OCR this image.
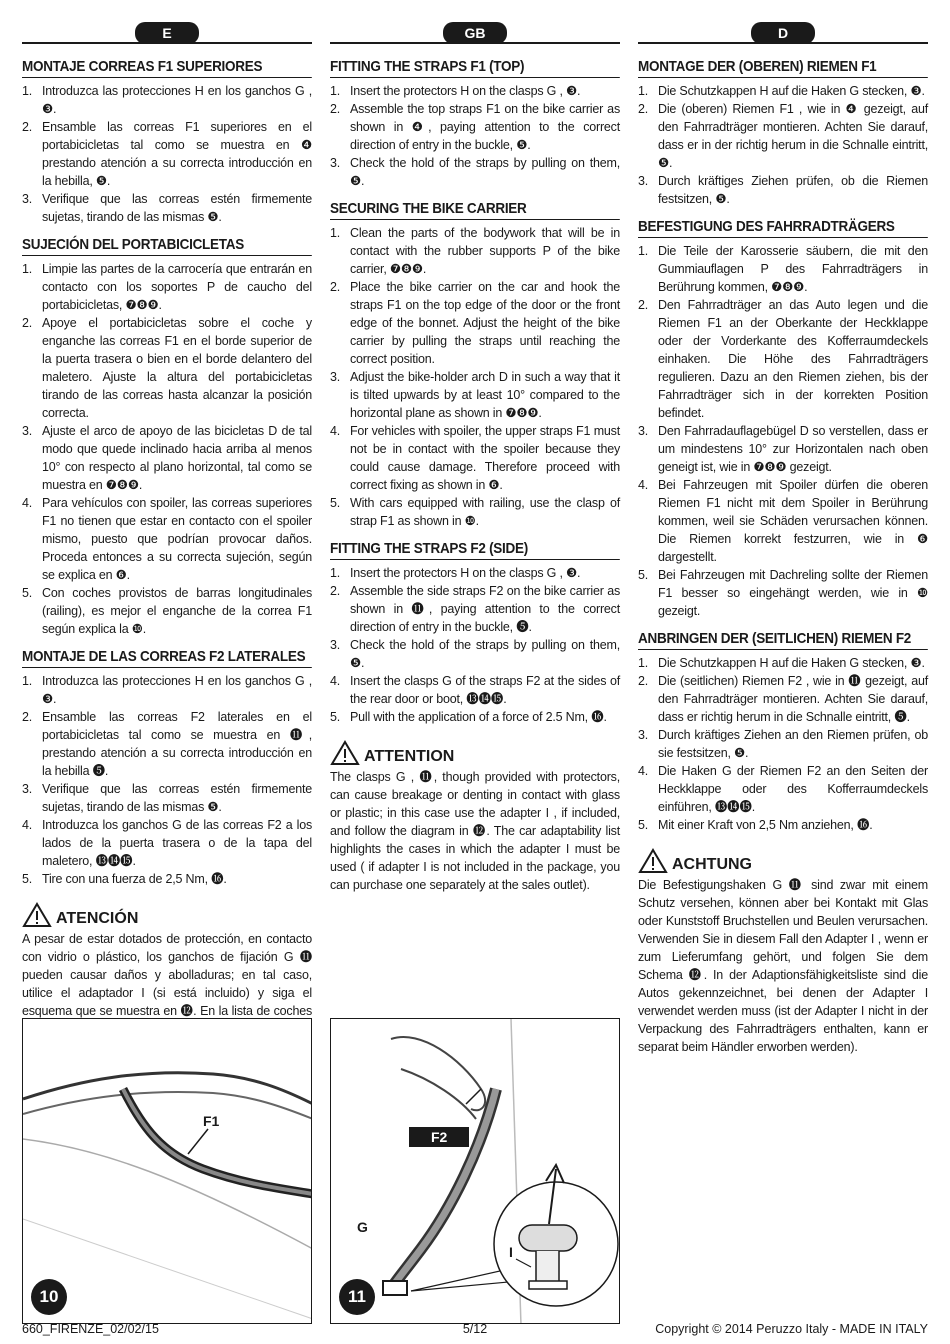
E
MONTAJE CORREAS F1 SUPERIORES
1. Introduzca las protecciones H en los ganchos G , ❸.
2. Ensamble las correas F1 superiores en el portabicicletas tal como se muestra en ❹ prestando atención a su correcta introducción en la hebilla, ❺.
3. Verifique que las correas estén firmemente sujetas, tirando de las mismas ❺.
SUJECIÓN DEL PORTABICICLETAS
1. Limpie las partes de la carrocería que entrarán en contacto con los soportes P de caucho del portabicicletas, ❼❽❾.
2. Apoye el portabicicletas sobre el coche y enganche las correas F1 en el borde superior de la puerta trasera o bien en el borde delantero del maletero. Ajuste la altura del portabicicletas tirando de las correas hasta alcanzar la posición correcta.
3. Ajuste el arco de apoyo de las bicicletas D de tal modo que quede inclinado hacia arriba al menos 10° con respecto al plano horizontal, tal como se muestra en ❼❽❾.
4. Para vehículos con spoiler, las correas superiores F1 no tienen que estar en contacto con el spoiler mismo, puesto que podrían provocar daños. Proceda entonces a su correcta sujeción, según se explica en ❻.
5. Con coches provistos de barras longitudinales (railing), es mejor el enganche de la correa F1 según explica la ❿.
MONTAJE DE LAS CORREAS F2 LATERALES
1. Introduzca las protecciones H en los ganchos G , ❸.
2. Ensamble las correas F2 laterales en el portabicicletas tal como se muestra en ⓫, prestando atención a su correcta introducción en la hebilla ❺.
3. Verifique que las correas estén firmemente sujetas, tirando de las mismas ❺.
4. Introduzca los ganchos G de las correas F2 a los lados de la puerta trasera o de la tapa del maletero, ⓭⓮⓯.
5. Tire con una fuerza de 2,5 Nm, ⓰.
ATENCIÓN
A pesar de estar dotados de protección, en contacto con vidrio o plástico, los ganchos de fijación G ⓫ pueden causar daños y abolladuras; en tal caso, utilice el adaptador I (si está incluido) y siga el esquema que se muestra en ⓬. En la lista de coches
GB
FITTING THE STRAPS F1 (TOP)
1. Insert the protectors H on the clasps G , ❸.
2. Assemble the top straps F1 on the bike carrier as shown in ❹, paying attention to the correct direction of entry in the buckle, ❺.
3. Check the hold of the straps by pulling on them, ❺.
SECURING THE BIKE CARRIER
1. Clean the parts of the bodywork that will be in contact with the rubber supports P of the bike carrier, ❼❽❾.
2. Place the bike carrier on the car and hook the straps F1 on the top edge of the door or the front edge of the bonnet. Adjust the height of the bike carrier by pulling the straps until reaching the correct position.
3. Adjust the bike-holder arch D in such a way that it is tilted upwards by at least 10° compared to the horizontal plane as shown in ❼❽❾.
4. For vehicles with spoiler, the upper straps F1 must not be in contact with the spoiler because they could cause damage. Therefore proceed with correct fixing as shown in ❻.
5. With cars equipped with railing, use the clasp of strap F1 as shown in ❿.
FITTING THE STRAPS F2 (SIDE)
1. Insert the protectors H on the clasps G , ❸.
2. Assemble the side straps F2 on the bike carrier as shown in ⓫, paying attention to the correct direction of entry in the buckle, ❺.
3. Check the hold of the straps by pulling on them, ❺.
4. Insert the clasps G of the straps F2 at the sides of the rear door or boot, ⓭⓮⓯.
5. Pull with the application of a force of 2.5 Nm, ⓰.
ATTENTION
The clasps G , ⓫, though provided with protectors, can cause breakage or denting in contact with glass or plastic; in this case use the adapter I , if included, and follow the diagram in ⓬. The car adaptability list highlights the cases in which the adapter I must be used ( if adapter I is not included in the package, you can purchase one separately at the sales outlet).
D
MONTAGE DER (OBEREN) RIEMEN F1
1. Die Schutzkappen H auf die Haken G stecken, ❸.
2. Die (oberen) Riemen F1 , wie in ❹ gezeigt, auf den Fahrradträger montieren. Achten Sie darauf, dass er in der richtig herum in die Schnalle eintritt, ❺.
3. Durch kräftiges Ziehen prüfen, ob die Riemen festsitzen, ❺.
BEFESTIGUNG DES FAHRRADTRÄGERS
1. Die Teile der Karosserie säubern, die mit den Gummiauflagen P des Fahrradträgers in Berührung kommen, ❼❽❾.
2. Den Fahrradträger an das Auto legen und die Riemen F1 an der Oberkante der Heckklappe oder der Vorderkante des Kofferraumdeckels einhaken. Die Höhe des Fahrradträgers regulieren. Dazu an den Riemen ziehen, bis der Fahrradträger sich in der korrekten Position befindet.
3. Den Fahrradauflagebügel D so verstellen, dass er um mindestens 10° zur Horizontalen nach oben geneigt ist, wie in ❼❽❾ gezeigt.
4. Bei Fahrzeugen mit Spoiler dürfen die oberen Riemen F1 nicht mit dem Spoiler in Berührung kommen, weil sie Schäden verursachen können. Die Riemen korrekt festzurren, wie in ❻ dargestellt.
5. Bei Fahrzeugen mit Dachreling sollte der Riemen F1 besser so eingehängt werden, wie in ❿ gezeigt.
ANBRINGEN DER (SEITLICHEN) RIEMEN F2
1. Die Schutzkappen H auf die Haken G stecken, ❸.
2. Die (seitlichen) Riemen F2 , wie in ⓫ gezeigt, auf den Fahrradträger montieren. Achten Sie darauf, dass er richtig herum in die Schnalle eintritt, ❺.
3. Durch kräftiges Ziehen an den Riemen prüfen, ob sie festsitzen, ❺.
4. Die Haken G der Riemen F2 an den Seiten der Heckklappe oder des Kofferraumdeckels einführen, ⓭⓮⓯.
5. Mit einer Kraft von 2,5 Nm anziehen, ⓰.
ACHTUNG
Die Befestigungshaken G ⓫ sind zwar mit einem Schutz versehen, können aber bei Kontakt mit Glas oder Kunststoff Bruchstellen und Beulen verursachen. Verwenden Sie in diesem Fall den Adapter I , wenn er zum Lieferumfang gehört, und folgen Sie dem Schema ⓬. In der Adaptionsfähigkeitsliste sind die Autos gekennzeichnet, bei denen der Adapter I verwendet werden muss (ist der Adapter I nicht in der Verpackung des Fahrradträgers enthalten, kann er separat beim Händler erworben werden).
F1
10
F2
G
I
11
660_FIRENZE_02/02/15	5/12	Copyright © 2014 Peruzzo Italy - MADE IN ITALY
